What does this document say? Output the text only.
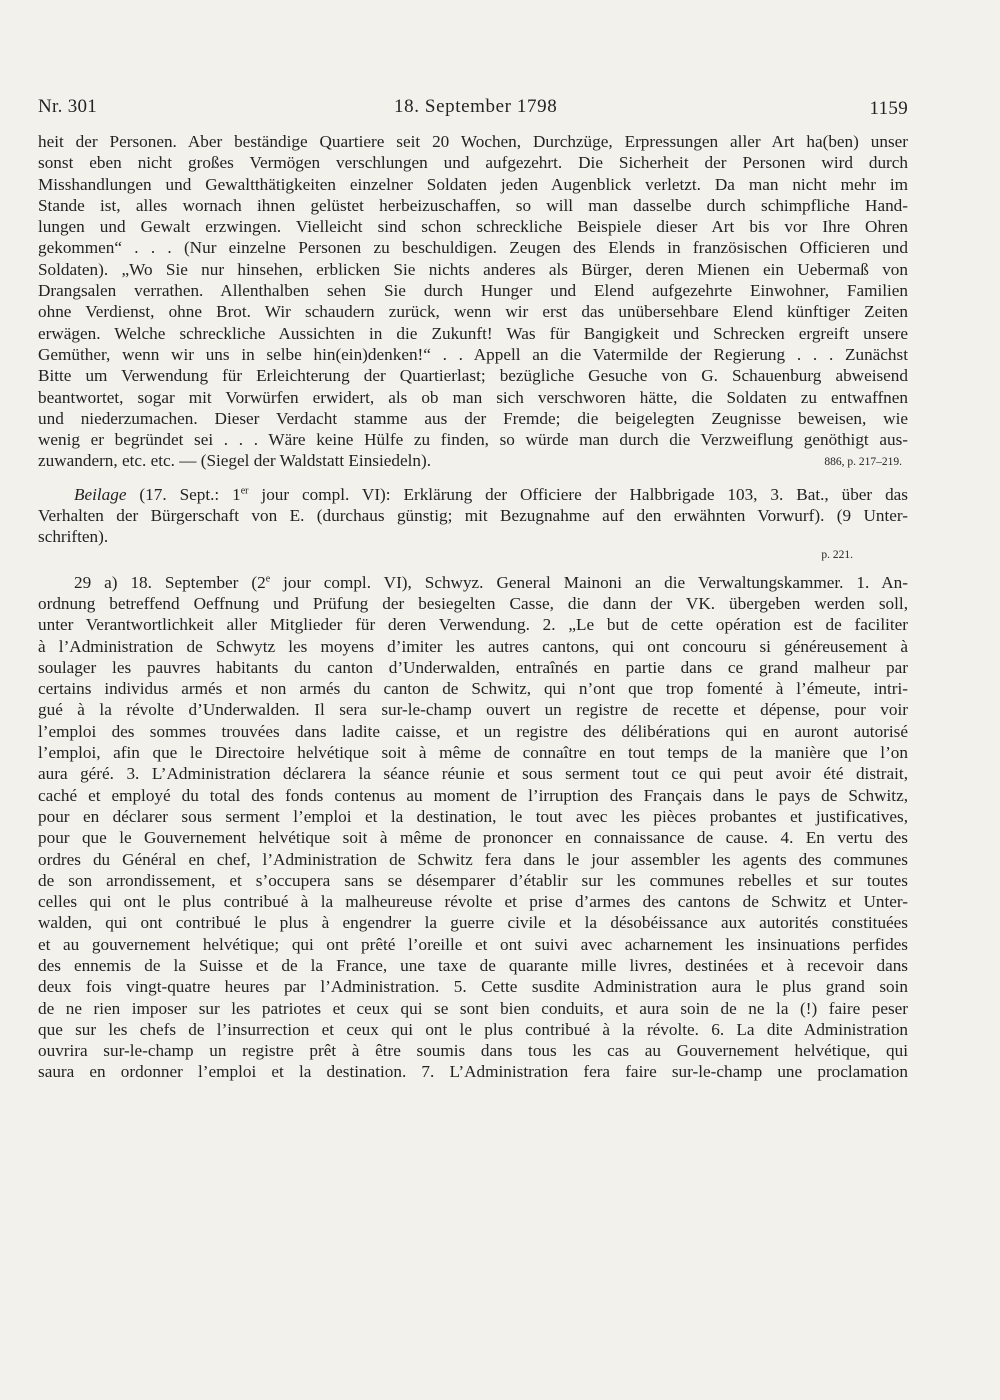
Nr. 301	18. September 1798	1159
heit der Personen. Aber beständige Quartiere seit 20 Wochen, Durchzüge, Erpressungen aller Art ha(ben) unser
sonst eben nicht großes Vermögen verschlungen und aufgezehrt. Die Sicherheit der Personen wird durch
Misshandlungen und Gewaltthätigkeiten einzelner Soldaten jeden Augenblick verletzt. Da man nicht mehr im
Stande ist, alles wornach ihnen gelüstet herbeizuschaffen, so will man dasselbe durch schimpfliche Hand-
lungen und Gewalt erzwingen. Vielleicht sind schon schreckliche Beispiele dieser Art bis vor Ihre Ohren
gekommen“ . . . (Nur einzelne Personen zu beschuldigen. Zeugen des Elends in französischen Officieren und
Soldaten). „Wo Sie nur hinsehen, erblicken Sie nichts anderes als Bürger, deren Mienen ein Uebermaß von
Drangsalen verrathen. Allenthalben sehen Sie durch Hunger und Elend aufgezehrte Einwohner, Familien
ohne Verdienst, ohne Brot. Wir schaudern zurück, wenn wir erst das unübersehbare Elend künftiger Zeiten
erwägen. Welche schreckliche Aussichten in die Zukunft! Was für Bangigkeit und Schrecken ergreift unsere
Gemüther, wenn wir uns in selbe hin(ein)denken!“ . . Appell an die Vatermilde der Regierung . . . Zunächst
Bitte um Verwendung für Erleichterung der Quartierlast; bezügliche Gesuche von G. Schauenburg abweisend
beantwortet, sogar mit Vorwürfen erwidert, als ob man sich verschworen hätte, die Soldaten zu entwaffnen
und niederzumachen. Dieser Verdacht stamme aus der Fremde; die beigelegten Zeugnisse beweisen, wie
wenig er begründet sei . . . Wäre keine Hülfe zu finden, so würde man durch die Verzweiflung genöthigt aus-
zuwandern, etc. etc. — (Siegel der Waldstatt Einsiedeln).	886, p. 217–219.
Beilage (17. Sept.: 1er jour compl. VI): Erklärung der Officiere der Halbbrigade 103, 3. Bat., über das
Verhalten der Bürgerschaft von E. (durchaus günstig; mit Bezugnahme auf den erwähnten Vorwurf). (9 Unter-
schriften).
p. 221.
29 a) 18. September (2e jour compl. VI), Schwyz. General Mainoni an die Verwaltungskammer. 1. An-
ordnung betreffend Oeffnung und Prüfung der besiegelten Casse, die dann der VK. übergeben werden soll,
unter Verantwortlichkeit aller Mitglieder für deren Verwendung. 2. „Le but de cette opération est de faciliter
à l’Administration de Schwytz les moyens d’imiter les autres cantons, qui ont concouru si généreusement à
soulager les pauvres habitants du canton d’Underwalden, entraînés en partie dans ce grand malheur par
certains individus armés et non armés du canton de Schwitz, qui n’ont que trop fomenté à l’émeute, intri-
gué à la révolte d’Underwalden. Il sera sur-le-champ ouvert un registre de recette et dépense, pour voir
l’emploi des sommes trouvées dans ladite caisse, et un registre des délibérations qui en auront autorisé
l’emploi, afin que le Directoire helvétique soit à même de connaître en tout temps de la manière que l’on
aura géré. 3. L’Administration déclarera la séance réunie et sous serment tout ce qui peut avoir été distrait,
caché et employé du total des fonds contenus au moment de l’irruption des Français dans le pays de Schwitz,
pour en déclarer sous serment l’emploi et la destination, le tout avec les pièces probantes et justificatives,
pour que le Gouvernement helvétique soit à même de prononcer en connaissance de cause. 4. En vertu des
ordres du Général en chef, l’Administration de Schwitz fera dans le jour assembler les agents des communes
de son arrondissement, et s’occupera sans se désemparer d’établir sur les communes rebelles et sur toutes
celles qui ont le plus contribué à la malheureuse révolte et prise d’armes des cantons de Schwitz et Unter-
walden, qui ont contribué le plus à engendrer la guerre civile et la désobéissance aux autorités constituées
et au gouvernement helvétique; qui ont prêté l’oreille et ont suivi avec acharnement les insinuations perfides
des ennemis de la Suisse et de la France, une taxe de quarante mille livres, destinées et à recevoir dans
deux fois vingt-quatre heures par l’Administration. 5. Cette susdite Administration aura le plus grand soin
de ne rien imposer sur les patriotes et ceux qui se sont bien conduits, et aura soin de ne la (!) faire peser
que sur les chefs de l’insurrection et ceux qui ont le plus contribué à la révolte. 6. La dite Administration
ouvrira sur-le-champ un registre prêt à être soumis dans tous les cas au Gouvernement helvétique, qui
saura en ordonner l’emploi et la destination. 7. L’Administration fera faire sur-le-champ une proclamation
